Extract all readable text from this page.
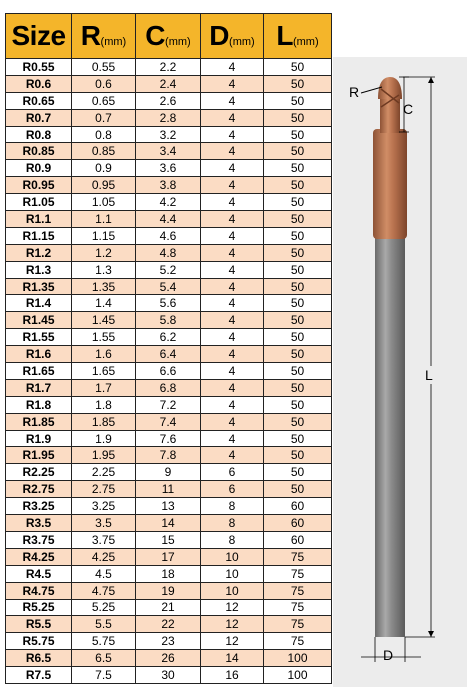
Size	R(mm)	C(mm)	D(mm)	L(mm)
R0.55	0.55	2.2	4	50
R0.6	0.6	2.4	4	50
R0.65	0.65	2.6	4	50
R0.7	0.7	2.8	4	50
R0.8	0.8	3.2	4	50
R0.85	0.85	3.4	4	50
R0.9	0.9	3.6	4	50
R0.95	0.95	3.8	4	50
R1.05	1.05	4.2	4	50
R1.1	1.1	4.4	4	50
R1.15	1.15	4.6	4	50
R1.2	1.2	4.8	4	50
R1.3	1.3	5.2	4	50
R1.35	1.35	5.4	4	50
R1.4	1.4	5.6	4	50
R1.45	1.45	5.8	4	50
R1.55	1.55	6.2	4	50
R1.6	1.6	6.4	4	50
R1.65	1.65	6.6	4	50
R1.7	1.7	6.8	4	50
R1.8	1.8	7.2	4	50
R1.85	1.85	7.4	4	50
R1.9	1.9	7.6	4	50
R1.95	1.95	7.8	4	50
R2.25	2.25	9	6	50
R2.75	2.75	11	6	50
R3.25	3.25	13	8	60
R3.5	3.5	14	8	60
R3.75	3.75	15	8	60
R4.25	4.25	17	10	75
R4.5	4.5	18	10	75
R4.75	4.75	19	10	75
R5.25	5.25	21	12	75
R5.5	5.5	22	12	75
R5.75	5.75	23	12	75
R6.5	6.5	26	14	100
R7.5	7.5	30	16	100
R
C
L
D
